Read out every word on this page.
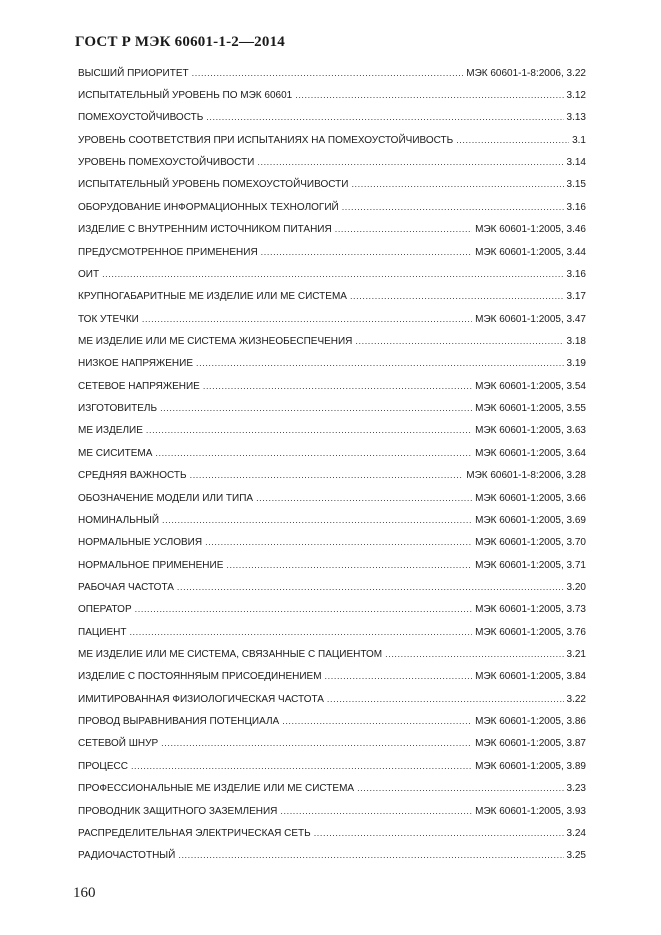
ГОСТ Р МЭК 60601-1-2—2014
ВЫСШИЙ ПРИОРИТЕТ .....	МЭК 60601-1-8:2006, 3.22
ИСПЫТАТЕЛЬНЫЙ УРОВЕНЬ ПО МЭК 60601 .....	3.12
ПОМЕХОУСТОЙЧИВОСТЬ .....	3.13
УРОВЕНЬ СООТВЕТСТВИЯ ПРИ ИСПЫТАНИЯХ НА ПОМЕХОУСТОЙЧИВОСТЬ .....	3.1
УРОВЕНЬ ПОМЕХОУСТОЙЧИВОСТИ .....	3.14
ИСПЫТАТЕЛЬНЫЙ УРОВЕНЬ ПОМЕХОУСТОЙЧИВОСТИ .....	3.15
ОБОРУДОВАНИЕ ИНФОРМАЦИОННЫХ ТЕХНОЛОГИЙ .....	3.16
ИЗДЕЛИЕ С ВНУТРЕННИМ ИСТОЧНИКОМ ПИТАНИЯ .....	МЭК 60601-1:2005, 3.46
ПРЕДУСМОТРЕННОЕ ПРИМЕНЕНИЯ .....	МЭК 60601-1:2005, 3.44
ОИТ .....	3.16
КРУПНОГАБАРИТНЫЕ МЕ ИЗДЕЛИЕ ИЛИ МЕ СИСТЕМА .....	3.17
ТОК УТЕЧКИ .....	МЭК 60601-1:2005, 3.47
МЕ ИЗДЕЛИЕ ИЛИ МЕ СИСТЕМА ЖИЗНЕОБЕСПЕЧЕНИЯ .....	3.18
НИЗКОЕ НАПРЯЖЕНИЕ .....	3.19
СЕТЕВОЕ НАПРЯЖЕНИЕ .....	МЭК 60601-1:2005, 3.54
ИЗГОТОВИТЕЛЬ .....	МЭК 60601-1:2005, 3.55
МЕ ИЗДЕЛИЕ .....	МЭК 60601-1:2005, 3.63
МЕ СИСИТЕМА .....	МЭК 60601-1:2005, 3.64
СРЕДНЯЯ ВАЖНОСТЬ .....	МЭК 60601-1-8:2006, 3.28
ОБОЗНАЧЕНИЕ МОДЕЛИ ИЛИ ТИПА .....	МЭК 60601-1:2005, 3.66
НОМИНАЛЬНЫЙ .....	МЭК 60601-1:2005, 3.69
НОРМАЛЬНЫЕ УСЛОВИЯ .....	МЭК 60601-1:2005, 3.70
НОРМАЛЬНОЕ ПРИМЕНЕНИЕ .....	МЭК 60601-1:2005, 3.71
РАБОЧАЯ ЧАСТОТА .....	3.20
ОПЕРАТОР .....	МЭК 60601-1:2005, 3.73
ПАЦИЕНТ .....	МЭК 60601-1:2005, 3.76
МЕ ИЗДЕЛИЕ ИЛИ МЕ СИСТЕМА, СВЯЗАННЫЕ С ПАЦИЕНТОМ .....	3.21
ИЗДЕЛИЕ С ПОСТОЯННЯЫМ ПРИСОЕДИНЕНИЕМ .....	МЭК 60601-1:2005, 3.84
ИМИТИРОВАННАЯ ФИЗИОЛОГИЧЕСКАЯ ЧАСТОТА .....	3.22
ПРОВОД ВЫРАВНИВАНИЯ ПОТЕНЦИАЛА .....	МЭК 60601-1:2005, 3.86
СЕТЕВОЙ ШНУР .....	МЭК 60601-1:2005, 3.87
ПРОЦЕСС .....	МЭК 60601-1:2005, 3.89
ПРОФЕССИОНАЛЬНЫЕ МЕ ИЗДЕЛИЕ ИЛИ МЕ СИСТЕМА .....	3.23
ПРОВОДНИК ЗАЩИТНОГО ЗАЗЕМЛЕНИЯ .....	МЭК 60601-1:2005, 3.93
РАСПРЕДЕЛИТЕЛЬНАЯ ЭЛЕКТРИЧЕСКАЯ СЕТЬ .....	3.24
РАДИОЧАСТОТНЫЙ .....	3.25
160
